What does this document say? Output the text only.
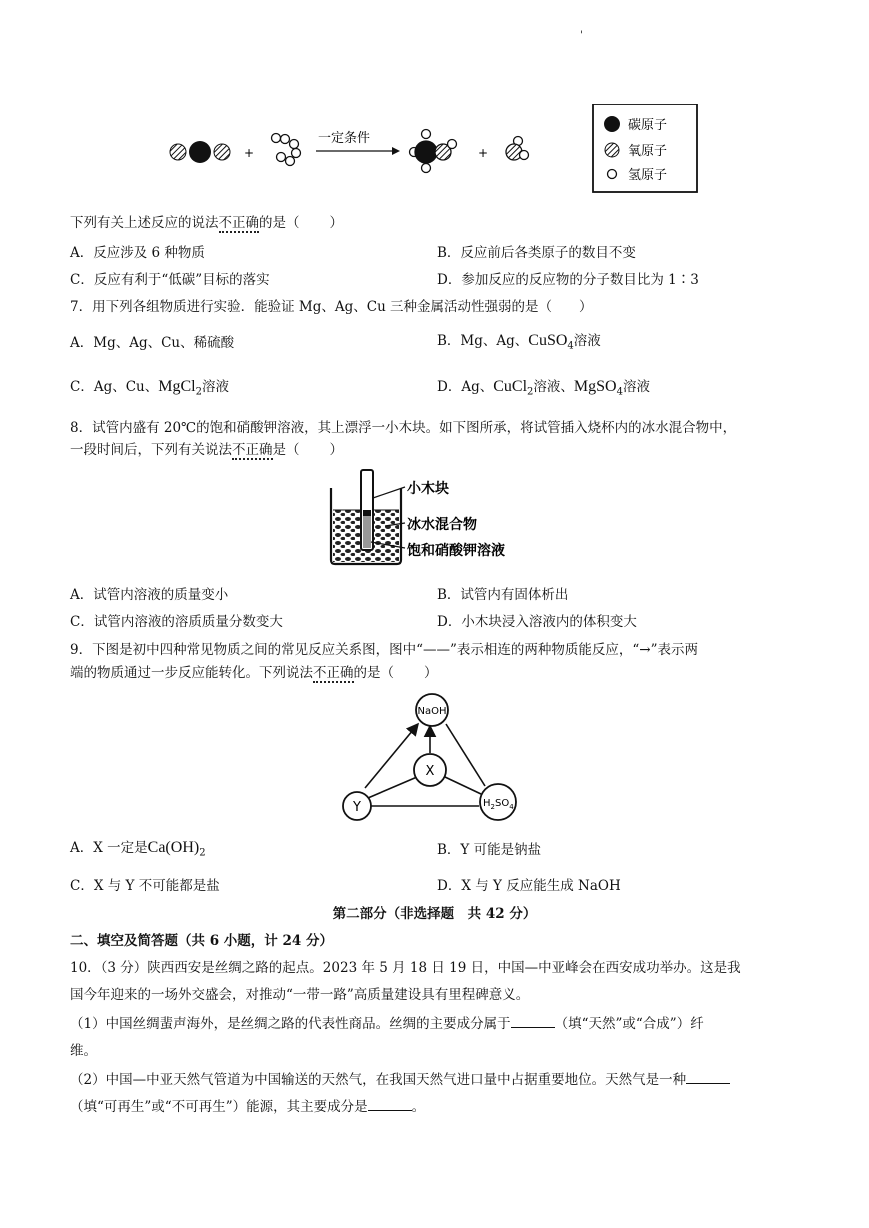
'
+
一定条件
+
碳原子
氧原子
氢原子
下列有关上述反应的说法不正确的是（ ）
A．反应涉及 6 种物质	B．反应前后各类原子的数目不变
C．反应有利于“低碳”目标的落实	D．参加反应的反应物的分子数目比为 1∶3
7．用下列各组物质进行实验．能验证 Mg、Ag、Cu 三种金属活动性强弱的是（　　）
A．Mg、Ag、Cu、稀硫酸	B．Mg、Ag、CuSO$_4$溶液
C．Ag、Cu、MgCl$_2$溶液	D．Ag、CuCl$_2$溶液、MgSO$_4$溶液
8．试管内盛有 20℃的饱和硝酸钾溶液，其上漂浮一小木块。如下图所承，将试管插入烧杯内的冰水混合物中，
一段时间后，下列有关说法不正确是（ ）
小木块
冰水混合物
饱和硝酸钾溶液
A．试管内溶液的质量变小	B．试管内有固体析出
C．试管内溶液的溶质质量分数变大	D．小木块浸入溶液内的体积变大
9．下图是初中四种常见物质之间的常见反应关系图，图中“——”表示相连的两种物质能反应，“→”表示两
端的物质通过一步反应能转化。下列说法不正确的是（ ）
NaOH
X
Y	$H_2SO_4$
A．X 一定是$Ca(OH)_2$	B．Y 可能是钠盐
C．X 与 Y 不可能都是盐	D．X 与 Y 反应能生成 NaOH
第二部分（非选择题　共 42 分）
二、填空及简答题（共 6 小题，计 24 分）
10．（3 分）陕西西安是丝绸之路的起点。2023 年 5 月 18 日 19 日，中国—中亚峰会在西安成功举办。这是我
国今年迎来的一场外交盛会，对推动“一带一路”高质量建设具有里程碑意义。
（1）中国丝绸蜚声海外，是丝绸之路的代表性商品。丝绸的主要成分属于	（填“天然”或“合成”）纤
维。
（2）中国—中亚天然气管道为中国输送的天然气，在我国天然气进口量中占据重要地位。天然气是一种
（填“可再生”或“不可再生”）能源，其主要成分是	。
